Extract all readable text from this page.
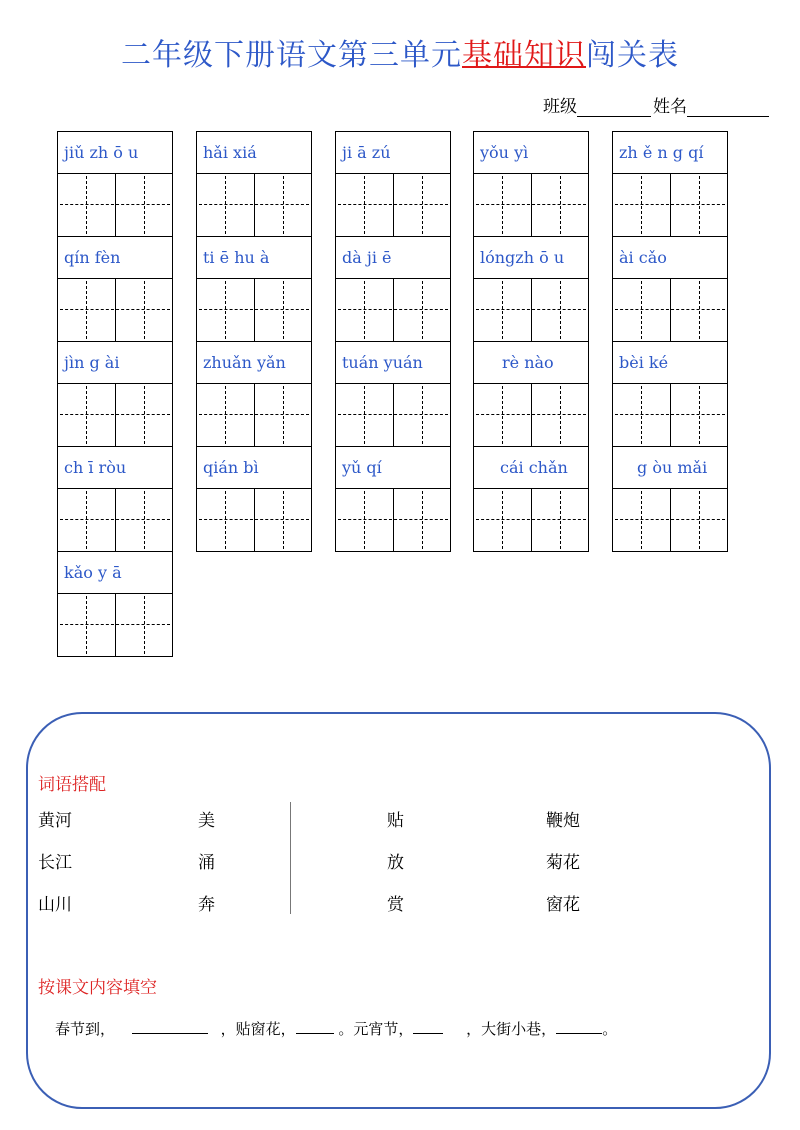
二年级下册语文第三单元基础知识闯关表
班级	姓名
jiǔ zh ō u
qín fèn
jìn g ài
ch ī ròu
kǎo y ā
hǎi xiá
ti ē hu à
zhuǎn yǎn
qián bì
ji ā zú
dà ji ē
tuán yuán
yǔ qí
yǒu yì
lóngzh ō u
rè nào
cái chǎn
zh ě n g qí
ài cǎo
bèi ké
g òu mǎi
词语搭配
黄河	美	贴	鞭炮
长江	涌	放	菊花
山川	奔	赏	窗花
按课文内容填空
春节到，	，贴窗花，	。元宵节，	，大街小巷，	。
